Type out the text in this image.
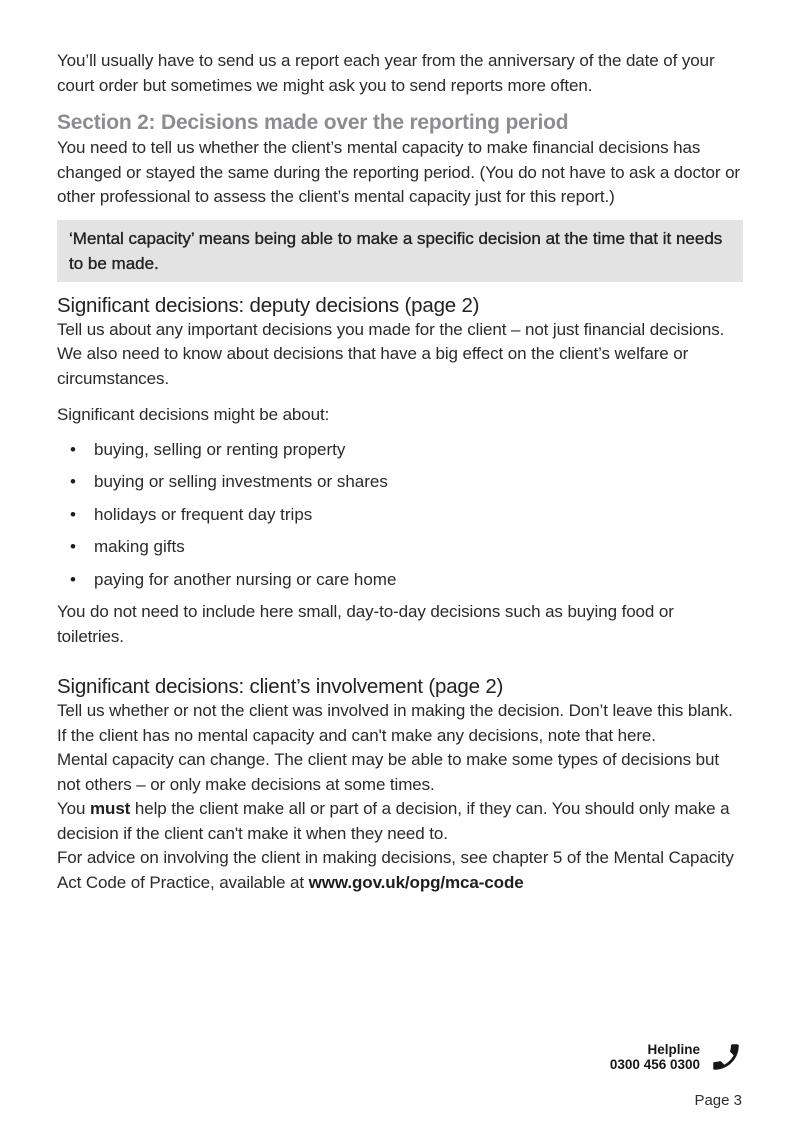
You’ll usually have to send us a report each year from the anniversary of the date of your court order but sometimes we might ask you to send reports more often.

Section 2: Decisions made over the reporting period

You need to tell us whether the client’s mental capacity to make financial decisions has changed or stayed the same during the reporting period. (You do not have to ask a doctor or other professional to assess the client’s mental capacity just for this report.)

‘Mental capacity’ means being able to make a specific decision at the time that it needs to be made.

Significant decisions: deputy decisions (page 2)

Tell us about any important decisions you made for the client – not just financial decisions. We also need to know about decisions that have a big effect on the client’s welfare or circumstances.

Significant decisions might be about:

• buying, selling or renting property
• buying or selling investments or shares
• holidays or frequent day trips
• making gifts
• paying for another nursing or care home

You do not need to include here small, day-to-day decisions such as buying food or toiletries.

Significant decisions: client’s involvement (page 2)

Tell us whether or not the client was involved in making the decision. Don’t leave this blank. If the client has no mental capacity and can't make any decisions, note that here.

Mental capacity can change. The client may be able to make some types of decisions but not others – or only make decisions at some times.

You must help the client make all or part of a decision, if they can. You should only make a decision if the client can't make it when they need to.

For advice on involving the client in making decisions, see chapter 5 of the Mental Capacity Act Code of Practice, available at www.gov.uk/opg/mca-code

Helpline
0300 456 0300
Page 3
